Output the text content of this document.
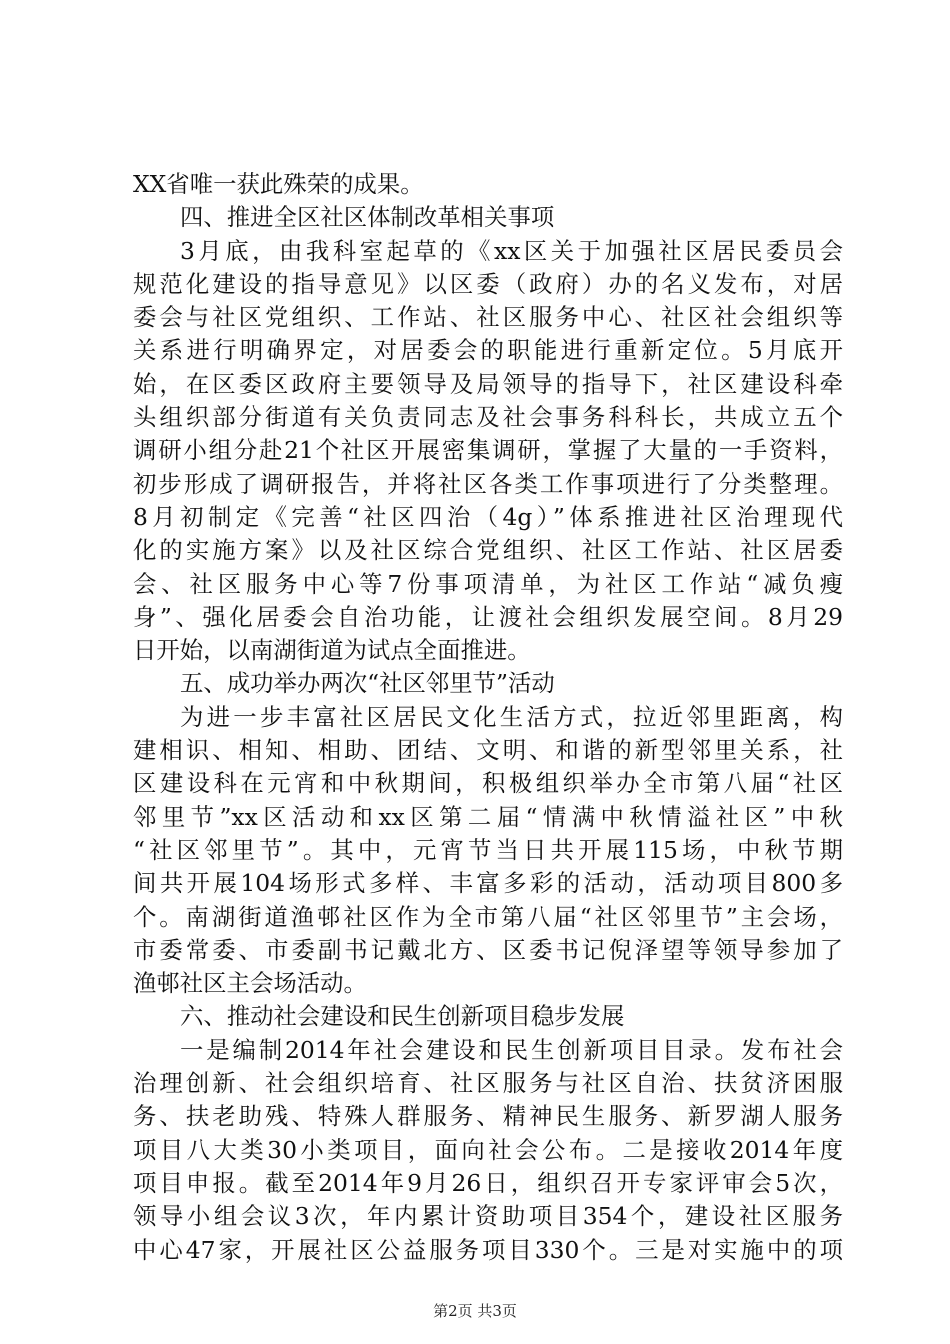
XX省唯一获此殊荣的成果。
四、推进全区社区体制改革相关事项
3月底，由我科室起草的《xx区关于加强社区居民委员会
规范化建设的指导意见》以区委（政府）办的名义发布，对居
委会与社区党组织、工作站、社区服务中心、社区社会组织等
关系进行明确界定，对居委会的职能进行重新定位。5月底开
始，在区委区政府主要领导及局领导的指导下，社区建设科牵
头组织部分街道有关负责同志及社会事务科科长，共成立五个
调研小组分赴21个社区开展密集调研，掌握了大量的一手资料，
初步形成了调研报告，并将社区各类工作事项进行了分类整理。
8月初制定《完善“社区四治（4g）”体系推进社区治理现代
化的实施方案》以及社区综合党组织、社区工作站、社区居委
会、社区服务中心等7份事项清单，为社区工作站“减负瘦
身”、强化居委会自治功能，让渡社会组织发展空间。8月29
日开始，以南湖街道为试点全面推进。
五、成功举办两次“社区邻里节”活动
为进一步丰富社区居民文化生活方式，拉近邻里距离，构
建相识、相知、相助、团结、文明、和谐的新型邻里关系，社
区建设科在元宵和中秋期间，积极组织举办全市第八届“社区
邻里节”xx区活动和xx区第二届“情满中秋情溢社区”中秋
“社区邻里节”。其中，元宵节当日共开展115场，中秋节期
间共开展104场形式多样、丰富多彩的活动，活动项目800多
个。南湖街道渔邨社区作为全市第八届“社区邻里节”主会场，
市委常委、市委副书记戴北方、区委书记倪泽望等领导参加了
渔邨社区主会场活动。
六、推动社会建设和民生创新项目稳步发展
一是编制2014年社会建设和民生创新项目目录。发布社会
治理创新、社会组织培育、社区服务与社区自治、扶贫济困服
务、扶老助残、特殊人群服务、精神民生服务、新罗湖人服务
项目八大类30小类项目，面向社会公布。二是接收2014年度
项目申报。截至2014年9月26日，组织召开专家评审会5次，
领导小组会议3次，年内累计资助项目354个，建设社区服务
中心47家，开展社区公益服务项目330个。三是对实施中的项
第2页 共3页
